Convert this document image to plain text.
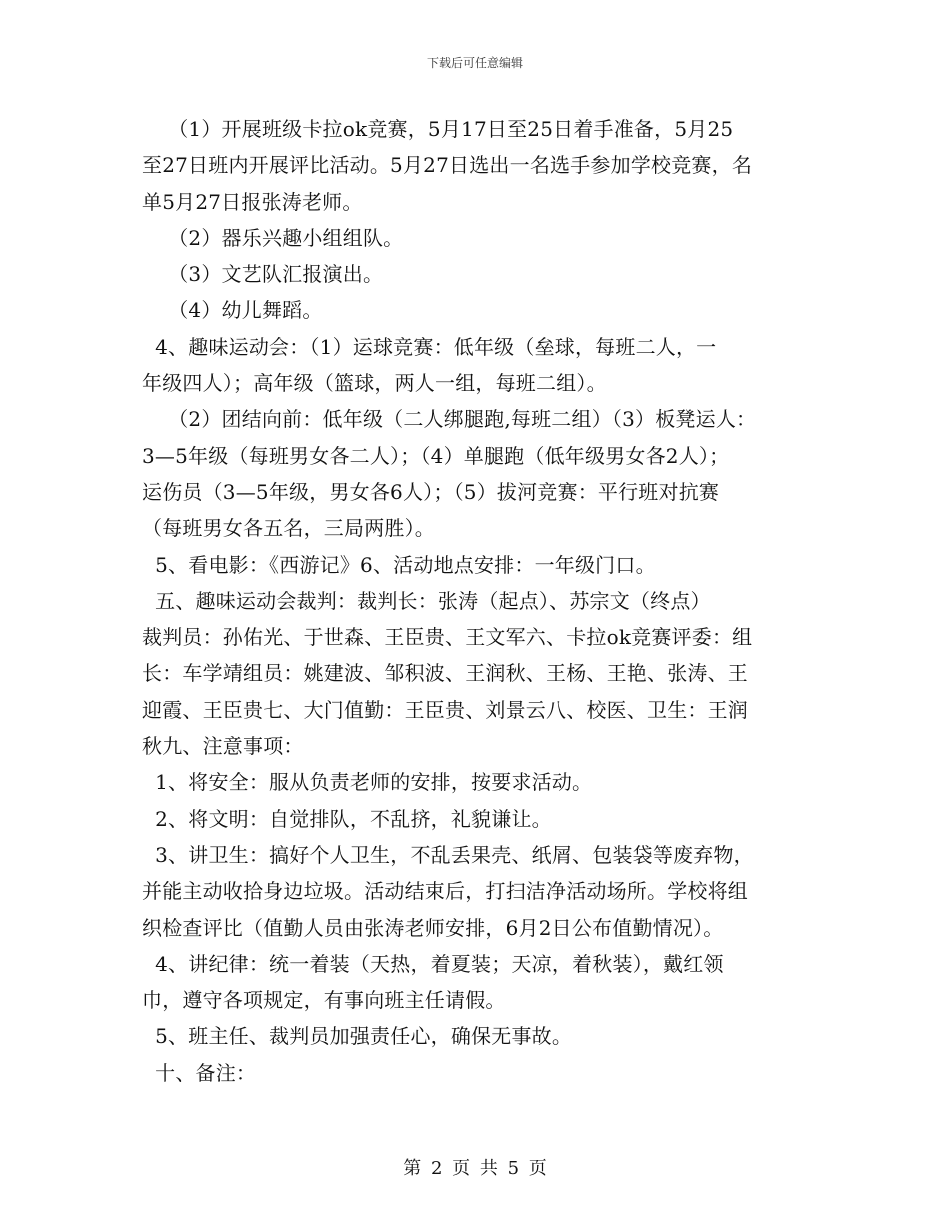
下载后可任意编辑
（1）开展班级卡拉ok竞赛，5月17日至25日着手准备，5月25
至27日班内开展评比活动。5月27日选出一名选手参加学校竞赛，名
单5月27日报张涛老师。
（2）器乐兴趣小组组队。
（3）文艺队汇报演出。
（4）幼儿舞蹈。
4、趣味运动会：（1）运球竞赛：低年级（垒球，每班二人，一
年级四人）；高年级（篮球，两人一组，每班二组）。
（2）团结向前：低年级（二人绑腿跑,每班二组）（3）板凳运人：
3—5年级（每班男女各二人）；（4）单腿跑（低年级男女各2人）；
运伤员（3—5年级，男女各6人）；（5）拔河竞赛：平行班对抗赛
（每班男女各五名，三局两胜）。
5、看电影：《西游记》6、活动地点安排：一年级门口。
五、趣味运动会裁判：裁判长：张涛（起点）、苏宗文（终点）
裁判员：孙佑光、于世森、王臣贵、王文军六、卡拉ok竞赛评委：组
长：车学靖组员：姚建波、邹积波、王润秋、王杨、王艳、张涛、王
迎霞、王臣贵七、大门值勤：王臣贵、刘景云八、校医、卫生：王润
秋九、注意事项：
1、将安全：服从负责老师的安排，按要求活动。
2、将文明：自觉排队，不乱挤，礼貌谦让。
3、讲卫生：搞好个人卫生，不乱丢果壳、纸屑、包装袋等废弃物，
并能主动收拾身边垃圾。活动结束后，打扫洁净活动场所。学校将组
织检查评比（值勤人员由张涛老师安排，6月2日公布值勤情况）。
4、讲纪律：统一着装（天热，着夏装；天凉，着秋装），戴红领
巾，遵守各项规定，有事向班主任请假。
5、班主任、裁判员加强责任心，确保无事故。
十、备注：
第 2 页 共 5 页
